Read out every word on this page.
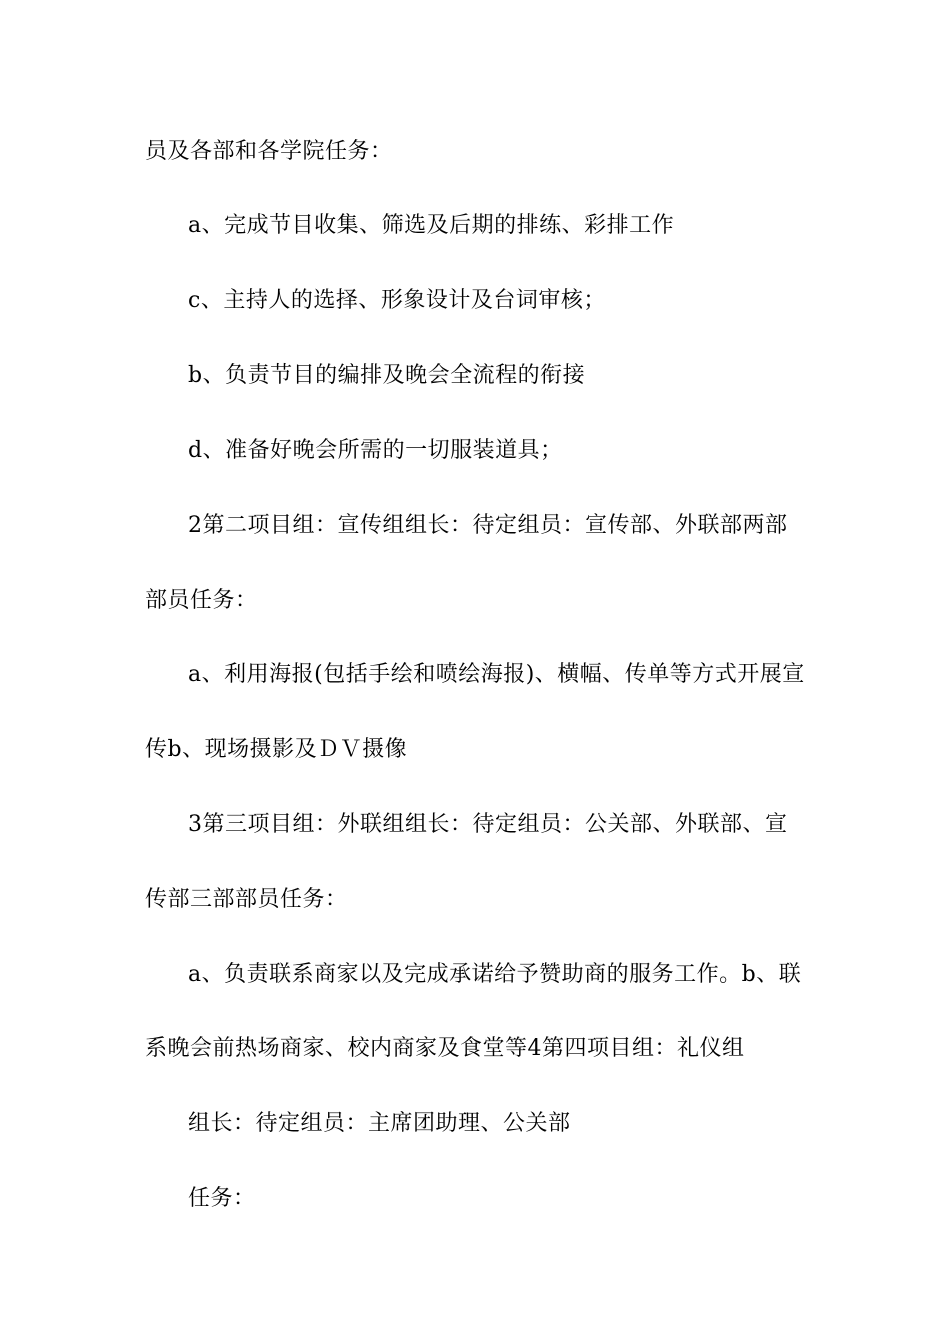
员及各部和各学院任务：
a、完成节目收集、筛选及后期的排练、彩排工作
c、主持人的选择、形象设计及台词审核；
b、负责节目的编排及晚会全流程的衔接
d、准备好晚会所需的一切服装道具；
2第二项目组：宣传组组长：待定组员：宣传部、外联部两部
部员任务：
a、利用海报(包括手绘和喷绘海报)、横幅、传单等方式开展宣
传b、现场摄影及ＤＶ摄像
3第三项目组：外联组组长：待定组员：公关部、外联部、宣
传部三部部员任务：
a、负责联系商家以及完成承诺给予赞助商的服务工作。b、联
系晚会前热场商家、校内商家及食堂等4第四项目组：礼仪组
组长：待定组员：主席团助理、公关部
任务：
